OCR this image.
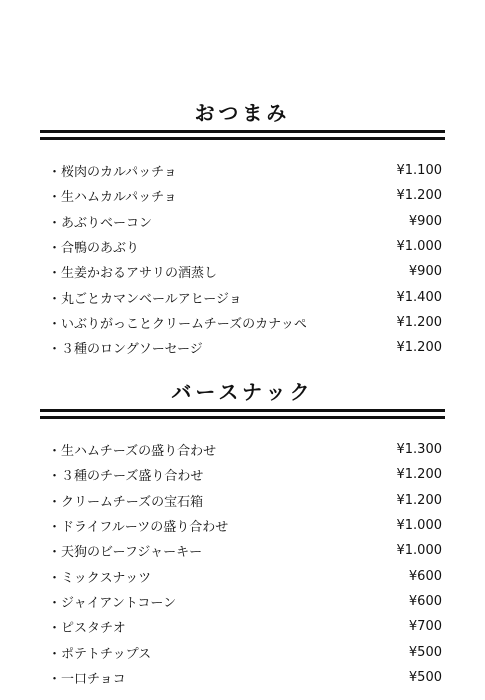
おつまみ
・ 桜肉のカルパッチョ	¥1.100
・ 生ハムカルパッチョ	¥1.200
・ あぶりベーコン	¥900
・ 合鴨のあぶり	¥1.000
・ 生姜かおるアサリの酒蒸し	¥900
・ 丸ごとカマンベールアヒージョ	¥1.400
・ いぶりがっことクリームチーズのカナッペ	¥1.200
・ ３種のロングソーセージ	¥1.200
バースナック
・ 生ハムチーズの盛り合わせ	¥1.300
・ ３種のチーズ盛り合わせ	¥1.200
・ クリームチーズの宝石箱	¥1.200
・ ドライフルーツの盛り合わせ	¥1.000
・ 天狗のビーフジャーキー	¥1.000
・ ミックスナッツ	¥600
・ ジャイアントコーン	¥600
・ ピスタチオ	¥700
・ ポテトチップス	¥500
・ 一口チョコ	¥500
